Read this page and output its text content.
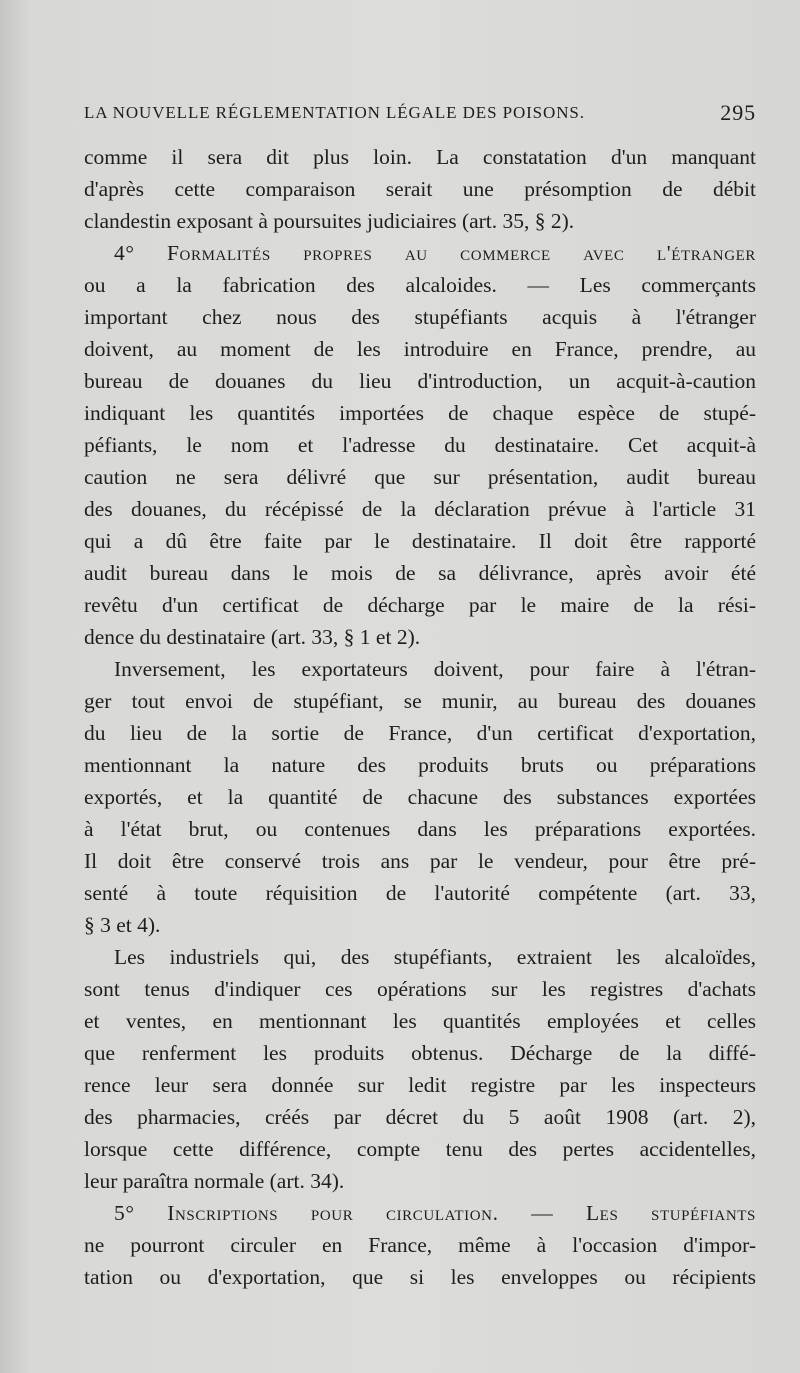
LA NOUVELLE RÉGLEMENTATION LÉGALE DES POISONS.	295
comme il sera dit plus loin. La constatation d'un manquant
d'après cette comparaison serait une présomption de débit
clandestin exposant à poursuites judiciaires (art. 35, § 2).
4° Formalités propres au commerce avec l'étranger
ou a la fabrication des alcaloides. — Les commerçants
important chez nous des stupéfiants acquis à l'étranger
doivent, au moment de les introduire en France, prendre, au
bureau de douanes du lieu d'introduction, un acquit-à-caution
indiquant les quantités importées de chaque espèce de stupé-
péfiants, le nom et l'adresse du destinataire. Cet acquit-à
caution ne sera délivré que sur présentation, audit bureau
des douanes, du récépissé de la déclaration prévue à l'article 31
qui a dû être faite par le destinataire. Il doit être rapporté
audit bureau dans le mois de sa délivrance, après avoir été
revêtu d'un certificat de décharge par le maire de la rési-
dence du destinataire (art. 33, § 1 et 2).
Inversement, les exportateurs doivent, pour faire à l'étran-
ger tout envoi de stupéfiant, se munir, au bureau des douanes
du lieu de la sortie de France, d'un certificat d'exportation,
mentionnant la nature des produits bruts ou préparations
exportés, et la quantité de chacune des substances exportées
à l'état brut, ou contenues dans les préparations exportées.
Il doit être conservé trois ans par le vendeur, pour être pré-
senté à toute réquisition de l'autorité compétente (art. 33,
§ 3 et 4).
Les industriels qui, des stupéfiants, extraient les alcaloïdes,
sont tenus d'indiquer ces opérations sur les registres d'achats
et ventes, en mentionnant les quantités employées et celles
que renferment les produits obtenus. Décharge de la diffé-
rence leur sera donnée sur ledit registre par les inspecteurs
des pharmacies, créés par décret du 5 août 1908 (art. 2),
lorsque cette différence, compte tenu des pertes accidentelles,
leur paraîtra normale (art. 34).
5° Inscriptions pour circulation. — Les stupéfiants
ne pourront circuler en France, même à l'occasion d'impor-
tation ou d'exportation, que si les enveloppes ou récipients
